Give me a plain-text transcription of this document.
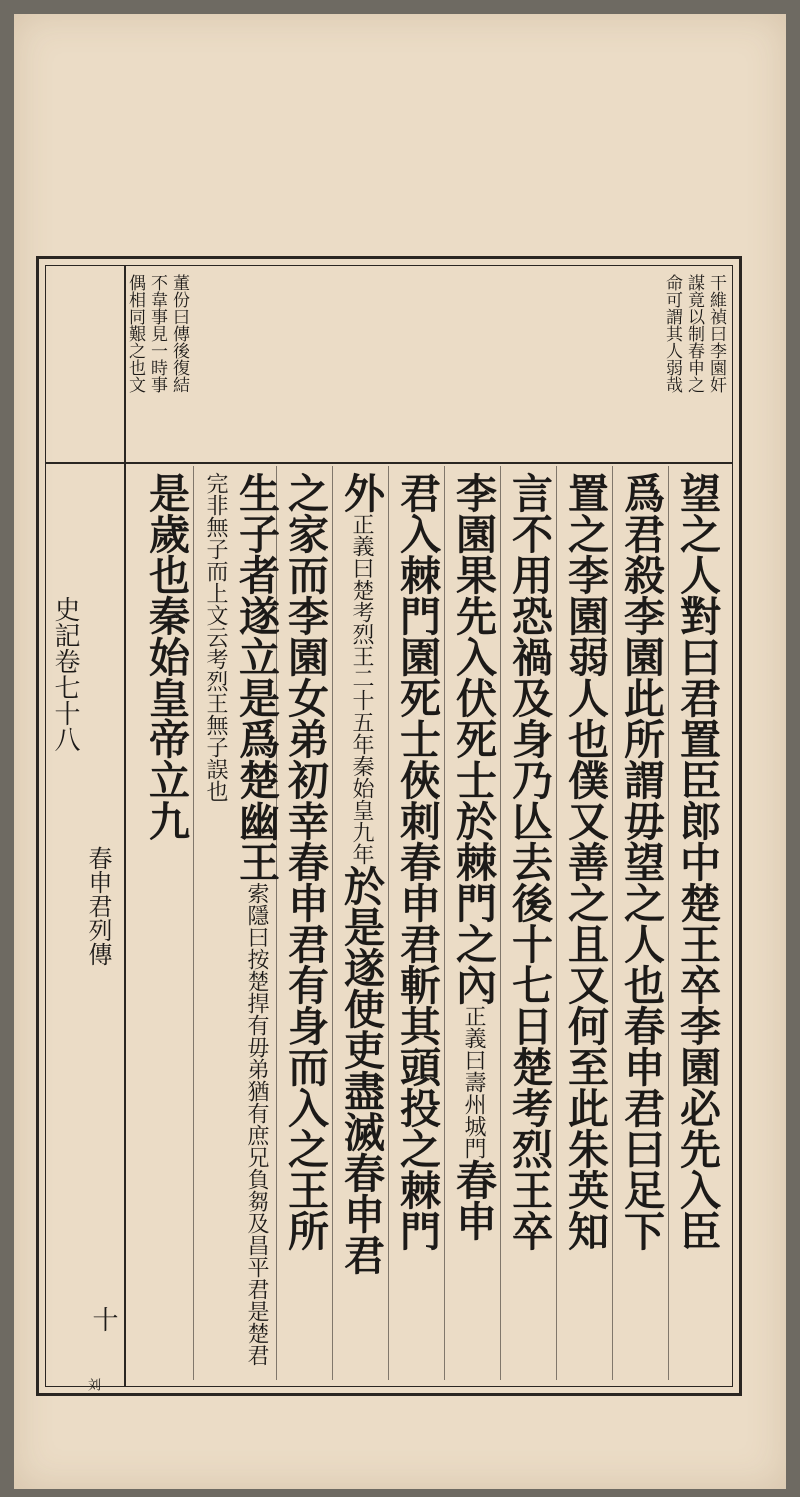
干維禎曰李園奸
謀竟以制春申之
命可謂其人弱哉
董份曰傳後復結
不韋事見一時事
偶相同艱之也文
望之人對曰君置臣郎中楚王卒李園必先入臣
爲君殺李園此所謂毋望之人也春申君曰足下
置之李園弱人也僕又善之且又何至此朱英知
言不用恐禍及身乃亾去後十七日楚考烈王卒
李園果先入伏死士於棘門之內正義曰壽州城門春申
君入棘門園死士俠刺春申君斬其頭投之棘門
外正義曰楚考烈王二十五年秦始皇九年於是遂使吏盡滅春申君
之家而李園女弟初幸春申君有身而入之王所
生子者遂立是爲楚幽王索隱曰按楚捍有毋弟猶有庶兄負芻及昌平君是楚君完非無子而上文云考烈王無子誤也
是歲也秦始皇帝立九
史記卷七十八
春申君列傳
十
刘
